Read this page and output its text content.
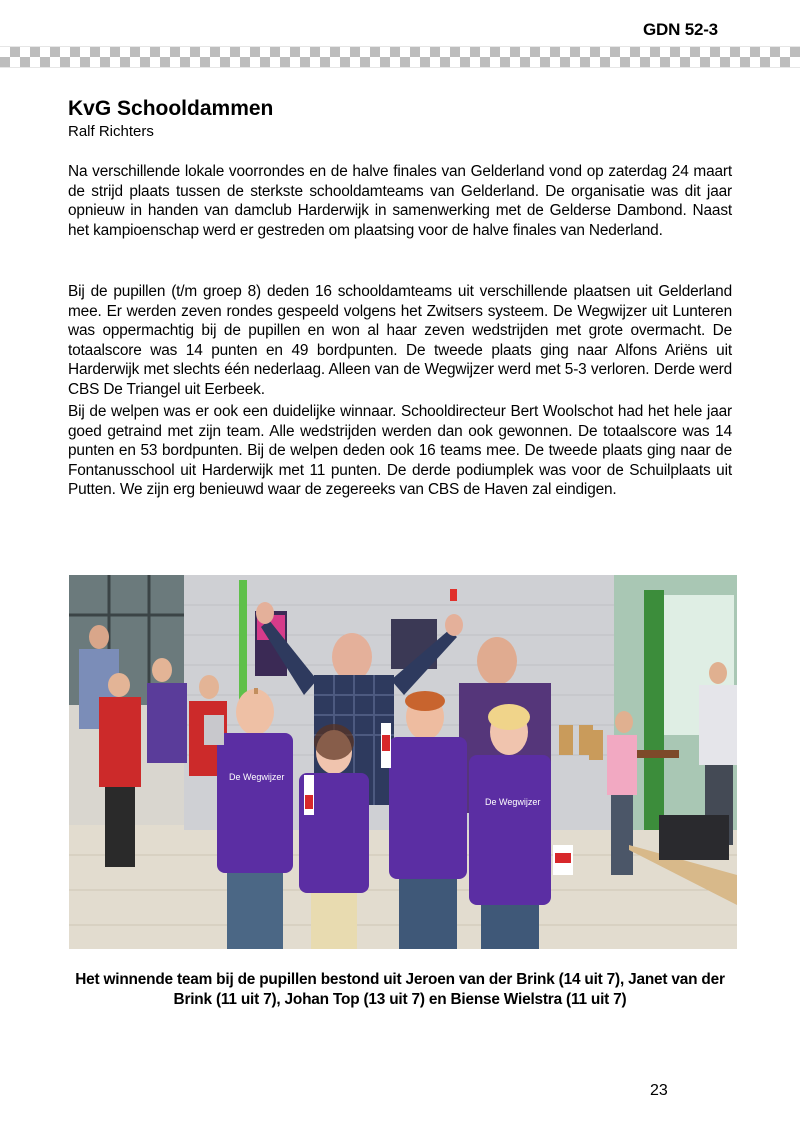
GDN 52-3
KvG Schooldammen

Ralf Richters

Na verschillende lokale voorrondes en de halve finales van Gelderland vond op zaterdag 24 maart de strijd plaats tussen de sterkste schooldamteams van Gelderland. De organisatie was dit jaar opnieuw in handen van damclub Harderwijk in samenwerking met de Gelderse Dambond. Naast het kampioenschap werd er gestreden om plaatsing voor de halve finales van Nederland.

Bij de pupillen (t/m groep 8) deden 16 schooldamteams uit verschillende plaatsen uit Gelderland mee. Er werden zeven rondes gespeeld volgens het Zwitsers systeem. De Wegwijzer uit Lunteren was oppermachtig bij de pupillen en won al haar zeven wedstrijden met grote overmacht. De totaalscore was 14 punten en 49 bordpunten. De tweede plaats ging naar Alfons Ariëns uit Harderwijk met slechts één nederlaag. Alleen van de Wegwijzer werd met 5-3 verloren. Derde werd CBS De Triangel uit Eerbeek.

Bij de welpen was er ook een duidelijke winnaar. Schooldirecteur Bert Woolschot had het hele jaar goed getraind met zijn team. Alle wedstrijden werden dan ook gewonnen. De totaalscore was 14 punten en 53 bordpunten. Bij de welpen deden ook 16 teams mee. De tweede plaats ging naar de Fontanusschool uit Harderwijk met 11 punten. De derde podiumplek was voor de Schuilplaats uit Putten. We zijn erg benieuwd waar de zegereeks van CBS de Haven zal eindigen.

De Wegwijzer
De Wegwijzer
Het winnende team bij de pupillen bestond uit Jeroen van der Brink (14 uit 7), Janet van der Brink (11 uit 7), Johan Top (13 uit 7) en Biense Wielstra (11 uit 7)
23
